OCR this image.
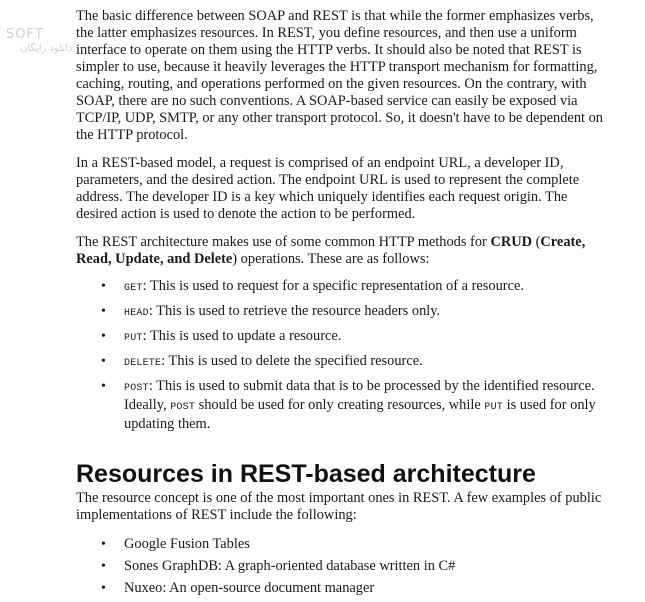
SOFT
دانلود رایگان

The basic difference between SOAP and REST is that while the former emphasizes verbs, the latter emphasizes resources. In REST, you define resources, and then use a uniform interface to operate on them using the HTTP verbs. It should also be noted that REST is simpler to use, because it heavily leverages the HTTP transport mechanism for formatting, caching, routing, and operations performed on the given resources. On the contrary, with SOAP, there are no such conventions. A SOAP-based service can easily be exposed via TCP/IP, UDP, SMTP, or any other transport protocol. So, it doesn't have to be dependent on the HTTP protocol.

In a REST-based model, a request is comprised of an endpoint URL, a developer ID, parameters, and the desired action. The endpoint URL is used to represent the complete address. The developer ID is a key which uniquely identifies each request origin. The desired action is used to denote the action to be performed.

The REST architecture makes use of some common HTTP methods for CRUD (Create, Read, Update, and Delete) operations. These are as follows:

• GET: This is used to request for a specific representation of a resource.
• HEAD: This is used to retrieve the resource headers only.
• PUT: This is used to update a resource.
• DELETE: This is used to delete the specified resource.
• POST: This is used to submit data that is to be processed by the identified resource. Ideally, POST should be used for only creating resources, while PUT is used for only updating them.
Resources in REST-based architecture

The resource concept is one of the most important ones in REST. A few examples of public implementations of REST include the following:

• Google Fusion Tables
• Sones GraphDB: A graph-oriented database written in C#
• Nuxeo: An open-source document manager
